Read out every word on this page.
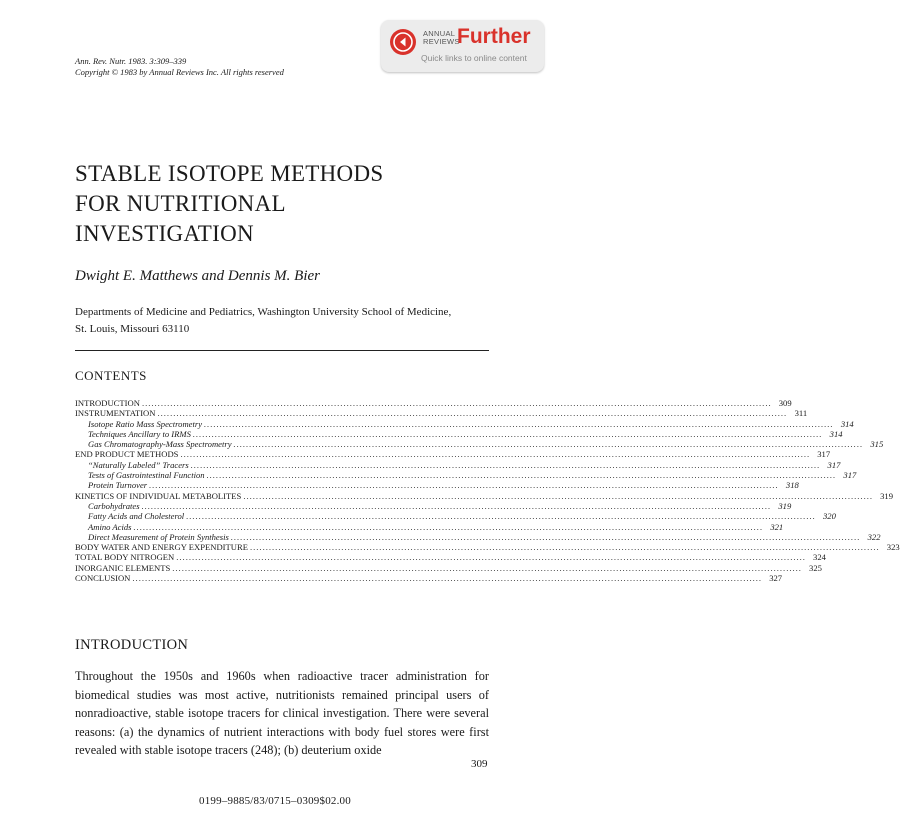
ANNUAL
REVIEWS
Further
Quick links to online content
Ann. Rev. Nutr. 1983. 3:309–339
Copyright © 1983 by Annual Reviews Inc. All rights reserved
STABLE ISOTOPE METHODS
FOR NUTRITIONAL
INVESTIGATION
Dwight E. Matthews and Dennis M. Bier
Departments of Medicine and Pediatrics, Washington University School of Medicine,
St. Louis, Missouri 63110
CONTENTS
INTRODUCTION ........................................................................................................................................................................................................ 309
INSTRUMENTATION ........................................................................................................................................................................................................ 311
Isotope Ratio Mass Spectrometry ........................................................................................................................................................................................................ 314
Techniques Ancillary to IRMS ........................................................................................................................................................................................................ 314
Gas Chromatography-Mass Spectrometry ........................................................................................................................................................................................................ 315
END PRODUCT METHODS ........................................................................................................................................................................................................ 317
“Naturally Labeled” Tracers ........................................................................................................................................................................................................ 317
Tests of Gastrointestinal Function ........................................................................................................................................................................................................ 317
Protein Turnover ........................................................................................................................................................................................................ 318
KINETICS OF INDIVIDUAL METABOLITES ........................................................................................................................................................................................................ 319
Carbohydrates ........................................................................................................................................................................................................ 319
Fatty Acids and Cholesterol ........................................................................................................................................................................................................ 320
Amino Acids ........................................................................................................................................................................................................ 321
Direct Measurement of Protein Synthesis ........................................................................................................................................................................................................ 322
BODY WATER AND ENERGY EXPENDITURE ........................................................................................................................................................................................................ 323
TOTAL BODY NITROGEN ........................................................................................................................................................................................................ 324
INORGANIC ELEMENTS ........................................................................................................................................................................................................ 325
CONCLUSION ........................................................................................................................................................................................................ 327
INTRODUCTION
Throughout the 1950s and 1960s when radioactive tracer administration for biomedical studies was most active, nutritionists remained principal users of nonradioactive, stable isotope tracers for clinical investigation. There were several reasons: (a) the dynamics of nutrient interactions with body fuel stores were first revealed with stable isotope tracers (248); (b) deuterium oxide
309
0199–9885/83/0715–0309$02.00
